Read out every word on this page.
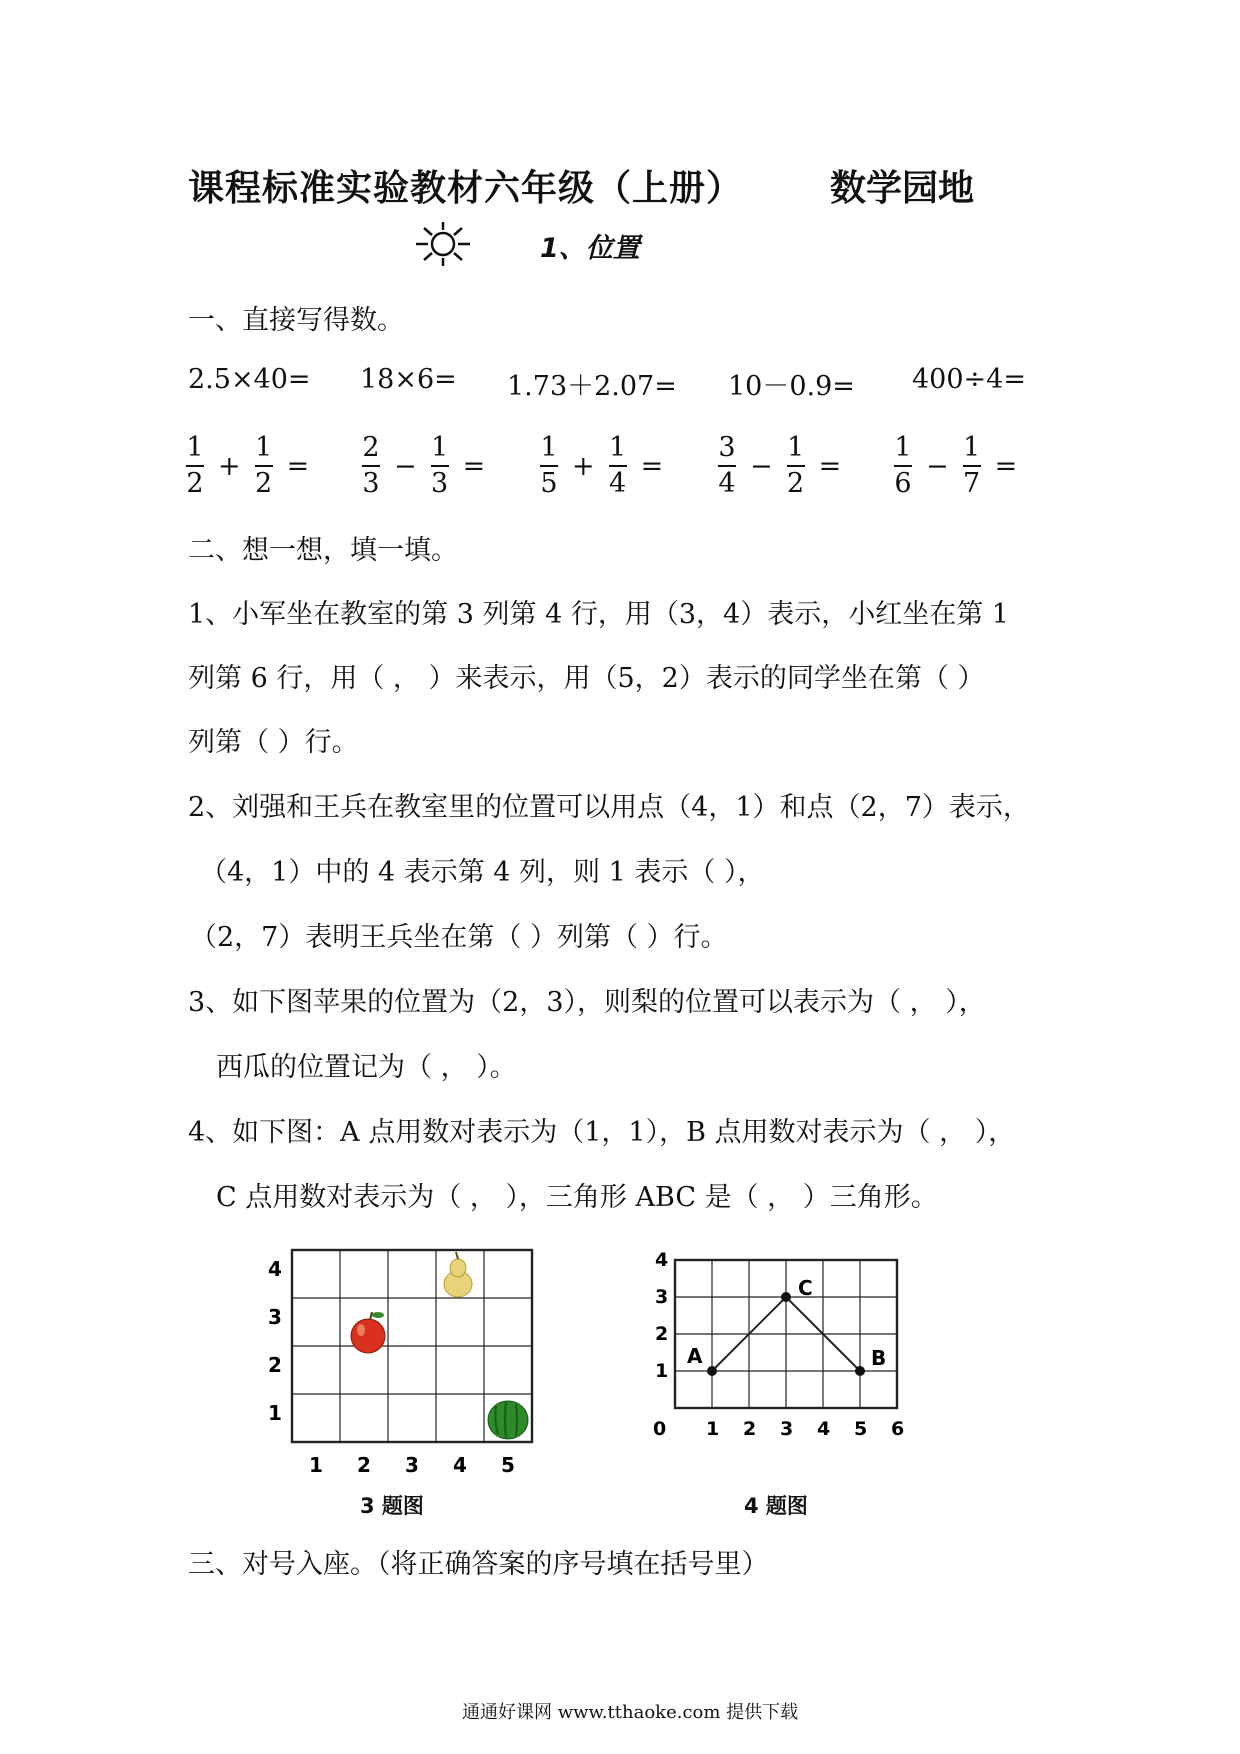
课程标准实验教材六年级（上册） 数学园地
1、位置
一、直接写得数。
2.5×40= 18×6= 1.73＋2.07= 10－0.9= 400÷4=
$\frac{1}{2} + \frac{1}{2} = \frac{2}{3} - \frac{1}{3} = \frac{1}{5} + \frac{1}{4} = \frac{3}{4} - \frac{1}{2} = \frac{1}{6} - \frac{1}{7}$ =
二、想一想，填一填。
1、小军坐在教室的第 3 列第 4 行，用（3，4）表示，小红坐在第 1
列第 6 行，用（ ， ）来表示，用（5，2）表示的同学坐在第（ ）
列第（ ）行。
2、刘强和王兵在教室里的位置可以用点（4，1）和点（2，7）表示，
（4，1）中的 4 表示第 4 列，则 1 表示（ ），
（2，7）表明王兵坐在第（ ）列第（ ）行。
3、如下图苹果的位置为（2，3），则梨的位置可以表示为（ ， ），
西瓜的位置记为（ ， ）。
4、如下图：A 点用数对表示为（1，1），B 点用数对表示为（ ， ），
C 点用数对表示为（ ， ），三角形 ABC 是（ ， ）三角形。
4
3
2
1
1 2 3 4 5
3 题图
4
3
2
1
0 1 2 3 4 5 6
A
C
B
4 题图
三、对号入座。（将正确答案的序号填在括号里）
通通好课网 www.tthaoke.com 提供下载
